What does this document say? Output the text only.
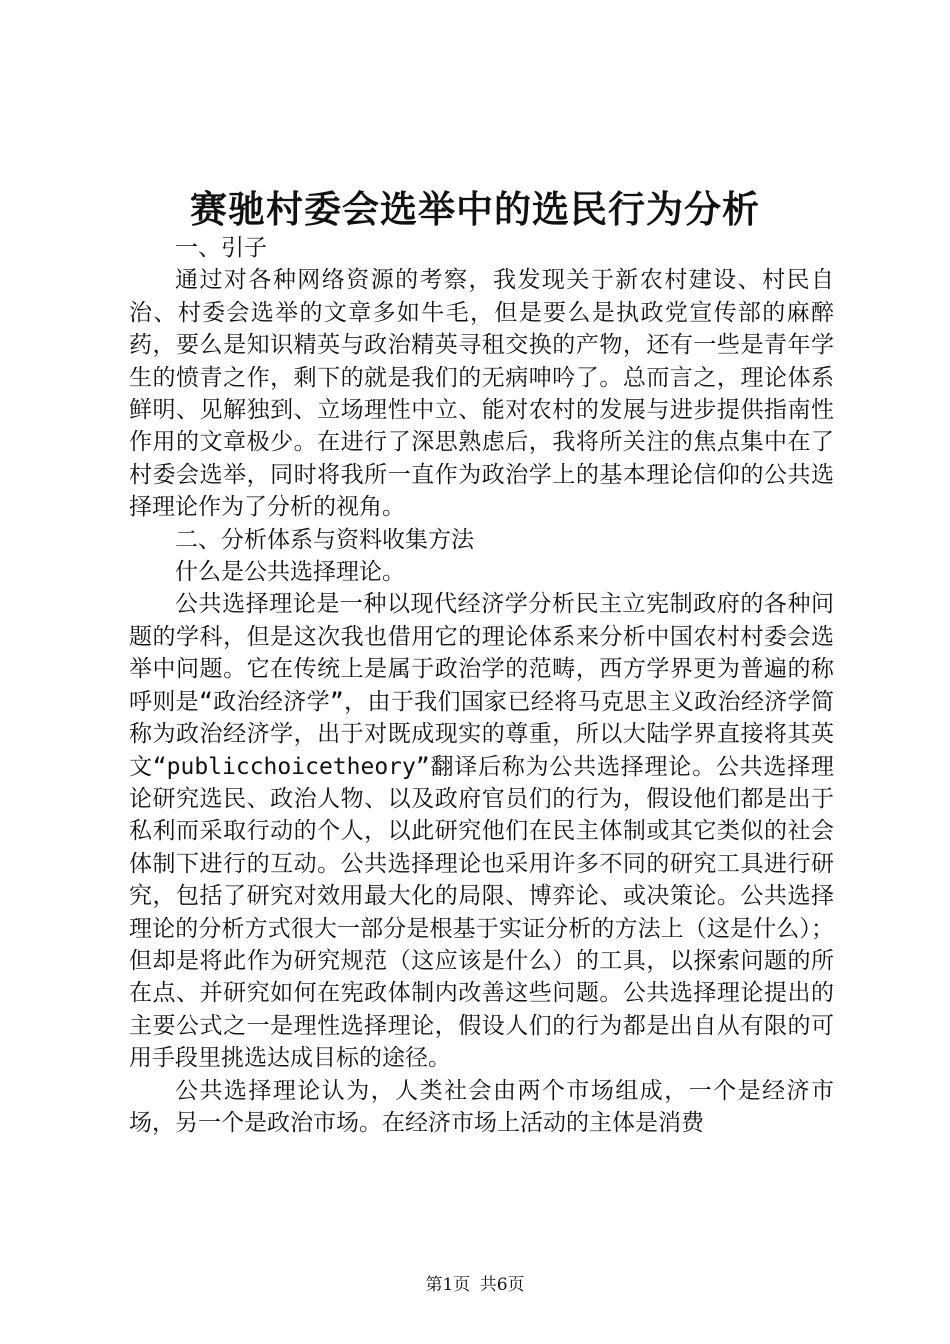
赛驰村委会选举中的选民行为分析

一、引子

通过对各种网络资源的考察，我发现关于新农村建设、村民自治、村委会选举的文章多如牛毛，但是要么是执政党宣传部的麻醉药，要么是知识精英与政治精英寻租交换的产物，还有一些是青年学生的愤青之作，剩下的就是我们的无病呻吟了。总而言之，理论体系鲜明、见解独到、立场理性中立、能对农村的发展与进步提供指南性作用的文章极少。在进行了深思熟虑后，我将所关注的焦点集中在了村委会选举，同时将我所一直作为政治学上的基本理论信仰的公共选择理论作为了分析的视角。

二、分析体系与资料收集方法

什么是公共选择理论。

公共选择理论是一种以现代经济学分析民主立宪制政府的各种问题的学科，但是这次我也借用它的理论体系来分析中国农村村委会选举中问题。它在传统上是属于政治学的范畴，西方学界更为普遍的称呼则是“政治经济学”，由于我们国家已经将马克思主义政治经济学简称为政治经济学，出于对既成现实的尊重，所以大陆学界直接将其英文“publicchoicetheory”翻译后称为公共选择理论。公共选择理论研究选民、政治人物、以及政府官员们的行为，假设他们都是出于私利而采取行动的个人，以此研究他们在民主体制或其它类似的社会体制下进行的互动。公共选择理论也采用许多不同的研究工具进行研究，包括了研究对效用最大化的局限、博弈论、或决策论。公共选择理论的分析方式很大一部分是根基于实证分析的方法上（这是什么）；但却是将此作为研究规范（这应该是什么）的工具，以探索问题的所在点、并研究如何在宪政体制内改善这些问题。公共选择理论提出的主要公式之一是理性选择理论，假设人们的行为都是出自从有限的可用手段里挑选达成目标的途径。

公共选择理论认为，人类社会由两个市场组成，一个是经济市场，另一个是政治市场。在经济市场上活动的主体是消费

第1页 共6页
